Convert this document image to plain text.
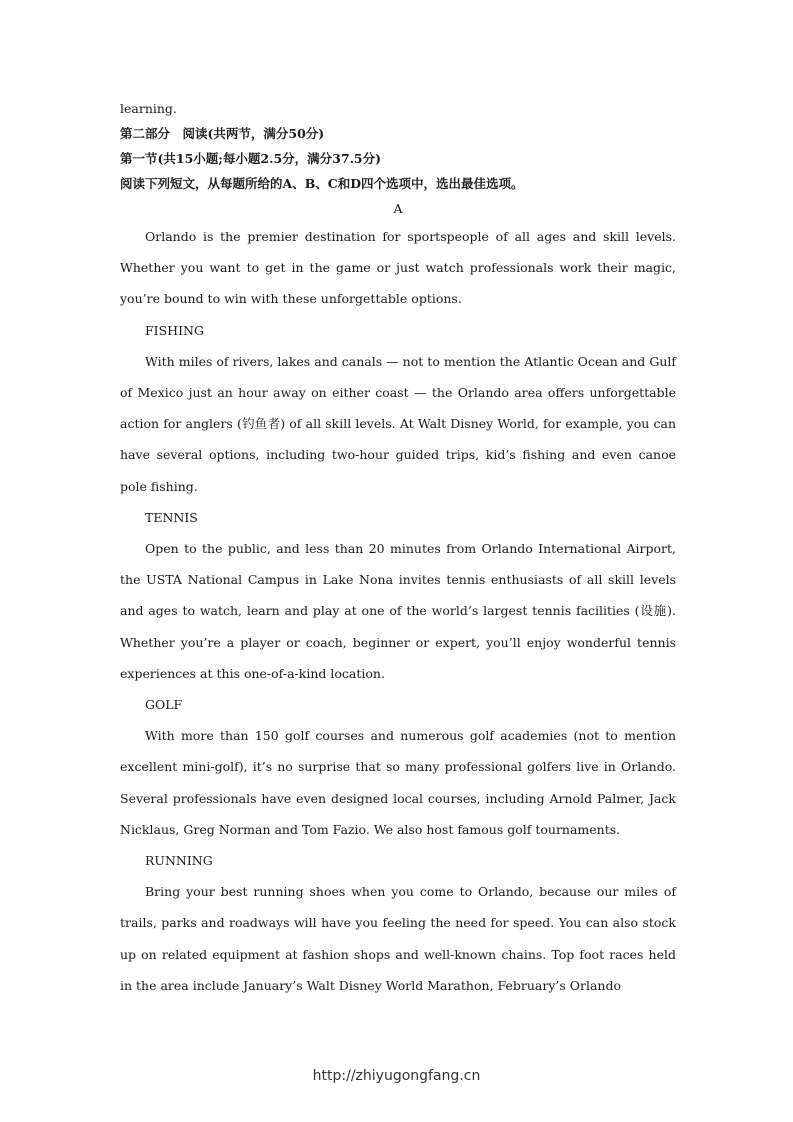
learning.
第二部分　阅读(共两节，满分50分)
第一节(共15小题;每小题2.5分，满分37.5分)
阅读下列短文，从每题所给的A、B、C和D四个选项中，选出最佳选项。
A

Orlando is the premier destination for sportspeople of all ages and skill levels. Whether you want to get in the game or just watch professionals work their magic, you’re bound to win with these unforgettable options.

FISHING

With miles of rivers, lakes and canals — not to mention the Atlantic Ocean and Gulf of Mexico just an hour away on either coast — the Orlando area offers unforgettable action for anglers (钓鱼者) of all skill levels. At Walt Disney World, for example, you can have several options, including two-hour guided trips, kid’s fishing and even canoe pole fishing.

TENNIS

Open to the public, and less than 20 minutes from Orlando International Airport, the USTA National Campus in Lake Nona invites tennis enthusiasts of all skill levels and ages to watch, learn and play at one of the world’s largest tennis facilities (设施). Whether you’re a player or coach, beginner or expert, you’ll enjoy wonderful tennis experiences at this one-of-a-kind location.

GOLF

With more than 150 golf courses and numerous golf academies (not to mention excellent mini-golf), it’s no surprise that so many professional golfers live in Orlando. Several professionals have even designed local courses, including Arnold Palmer, Jack Nicklaus, Greg Norman and Tom Fazio. We also host famous golf tournaments.

RUNNING

Bring your best running shoes when you come to Orlando, because our miles of trails, parks and roadways will have you feeling the need for speed. You can also stock up on related equipment at fashion shops and well-known chains. Top foot races held in the area include January’s Walt Disney World Marathon, February’s Orlando

http://zhiyugongfang.cn
